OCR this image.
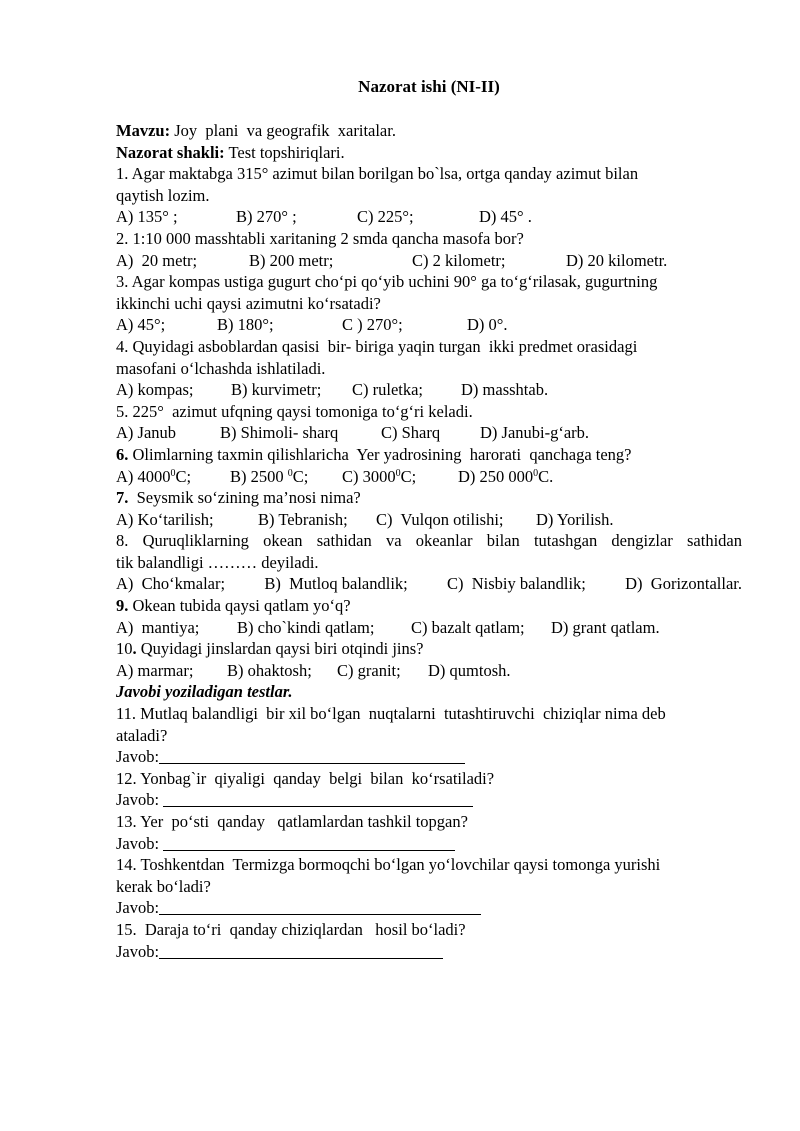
Nazorat ishi (NI-II)
Mavzu: Joy  plani  va geografik  xaritalar.
Nazorat shakli: Test topshiriqlari.
1. Agar maktabga 315° azimut bilan borilgan bo`lsa, ortga qanday azimut bilan
qaytish lozim.
A) 135° ;	B) 270° ;	C) 225°;	D) 45° .
2. 1:10 000 masshtabli xaritaning 2 smda qancha masofa bor?
A)  20 metr;	B) 200 metr;	C) 2 kilometr;	D) 20 kilometr.
3. Agar kompas ustiga gugurt cho‘pi qo‘yib uchini 90° ga to‘g‘rilasak, gugurtning
ikkinchi uchi qaysi azimutni ko‘rsatadi?
A) 45°;	B) 180°;	C ) 270°;	D) 0°.
4. Quyidagi asboblardan qasisi  bir- biriga yaqin turgan  ikki predmet orasidagi
masofani o‘lchashda ishlatiladi.
A) kompas;	B) kurvimetr;	C) ruletka;	D) masshtab.
5. 225°  azimut ufqning qaysi tomoniga to‘g‘ri keladi.
A) Janub	B) Shimoli- sharq	C) Sharq	D) Janubi-g‘arb.
6. Olimlarning taxmin qilishlaricha  Yer yadrosining  harorati  qanchaga teng?
A) 4000$^0$C;	B) 2500 $^0$C;	C) 3000$^0$C;	D) 250 $000^0C$.
7.  Seysmik so‘zining ma’nosi nima?
A) Ko‘tarilish;	B) Tebranish;	C)  Vulqon otilishi;	D) Yorilish.
8. Quruqliklarning okean sathidan va okeanlar bilan tutashgan dengizlar sathidan
tik balandligi ……… deyiladi.
A)  Cho‘kmalar; B)  Mutloq balandlik; C)  Nisbiy balandlik; D)  Gorizontallar.
9. Okean tubida qaysi qatlam yo‘q?
A)  mantiya;	B) cho`kindi qatlam;	C) bazalt qatlam;	D) grant qatlam.
10. Quyidagi jinslardan qaysi biri otqindi jins?
A) marmar;	B) ohaktosh;	C) granit;	D) qumtosh.
Javobi yoziladigan testlar.
11. Mutlaq balandligi  bir xil bo‘lgan  nuqtalarni  tutashtiruvchi  chiziqlar nima deb
ataladi?
Javob:
12. Yonbag`ir  qiyaligi  qanday  belgi  bilan  ko‘rsatiladi?
Javob:
13. Yer  po‘sti  qanday   qatlamlardan tashkil topgan?
Javob:
14. Toshkentdan  Termizga bormoqchi bo‘lgan yo‘lovchilar qaysi tomonga yurishi
kerak bo‘ladi?
Javob:
15.  Daraja to‘ri  qanday chiziqlardan   hosil bo‘ladi?
Javob:
